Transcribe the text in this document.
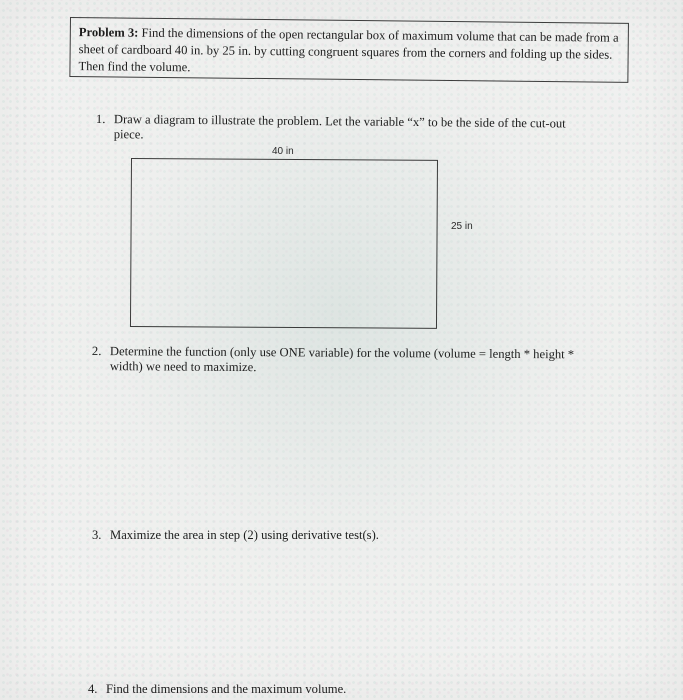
Problem 3: Find the dimensions of the open rectangular box of maximum volume that can be made from a sheet of cardboard 40 in. by 25 in. by cutting congruent squares from the corners and folding up the sides. Then find the volume.
1. Draw a diagram to illustrate the problem. Let the variable “x” to be the side of the cut-out
piece.
40 in
25 in
2. Determine the function (only use ONE variable) for the volume (volume = length * height *
width) we need to maximize.
3. Maximize the area in step (2) using derivative test(s).
4. Find the dimensions and the maximum volume.
